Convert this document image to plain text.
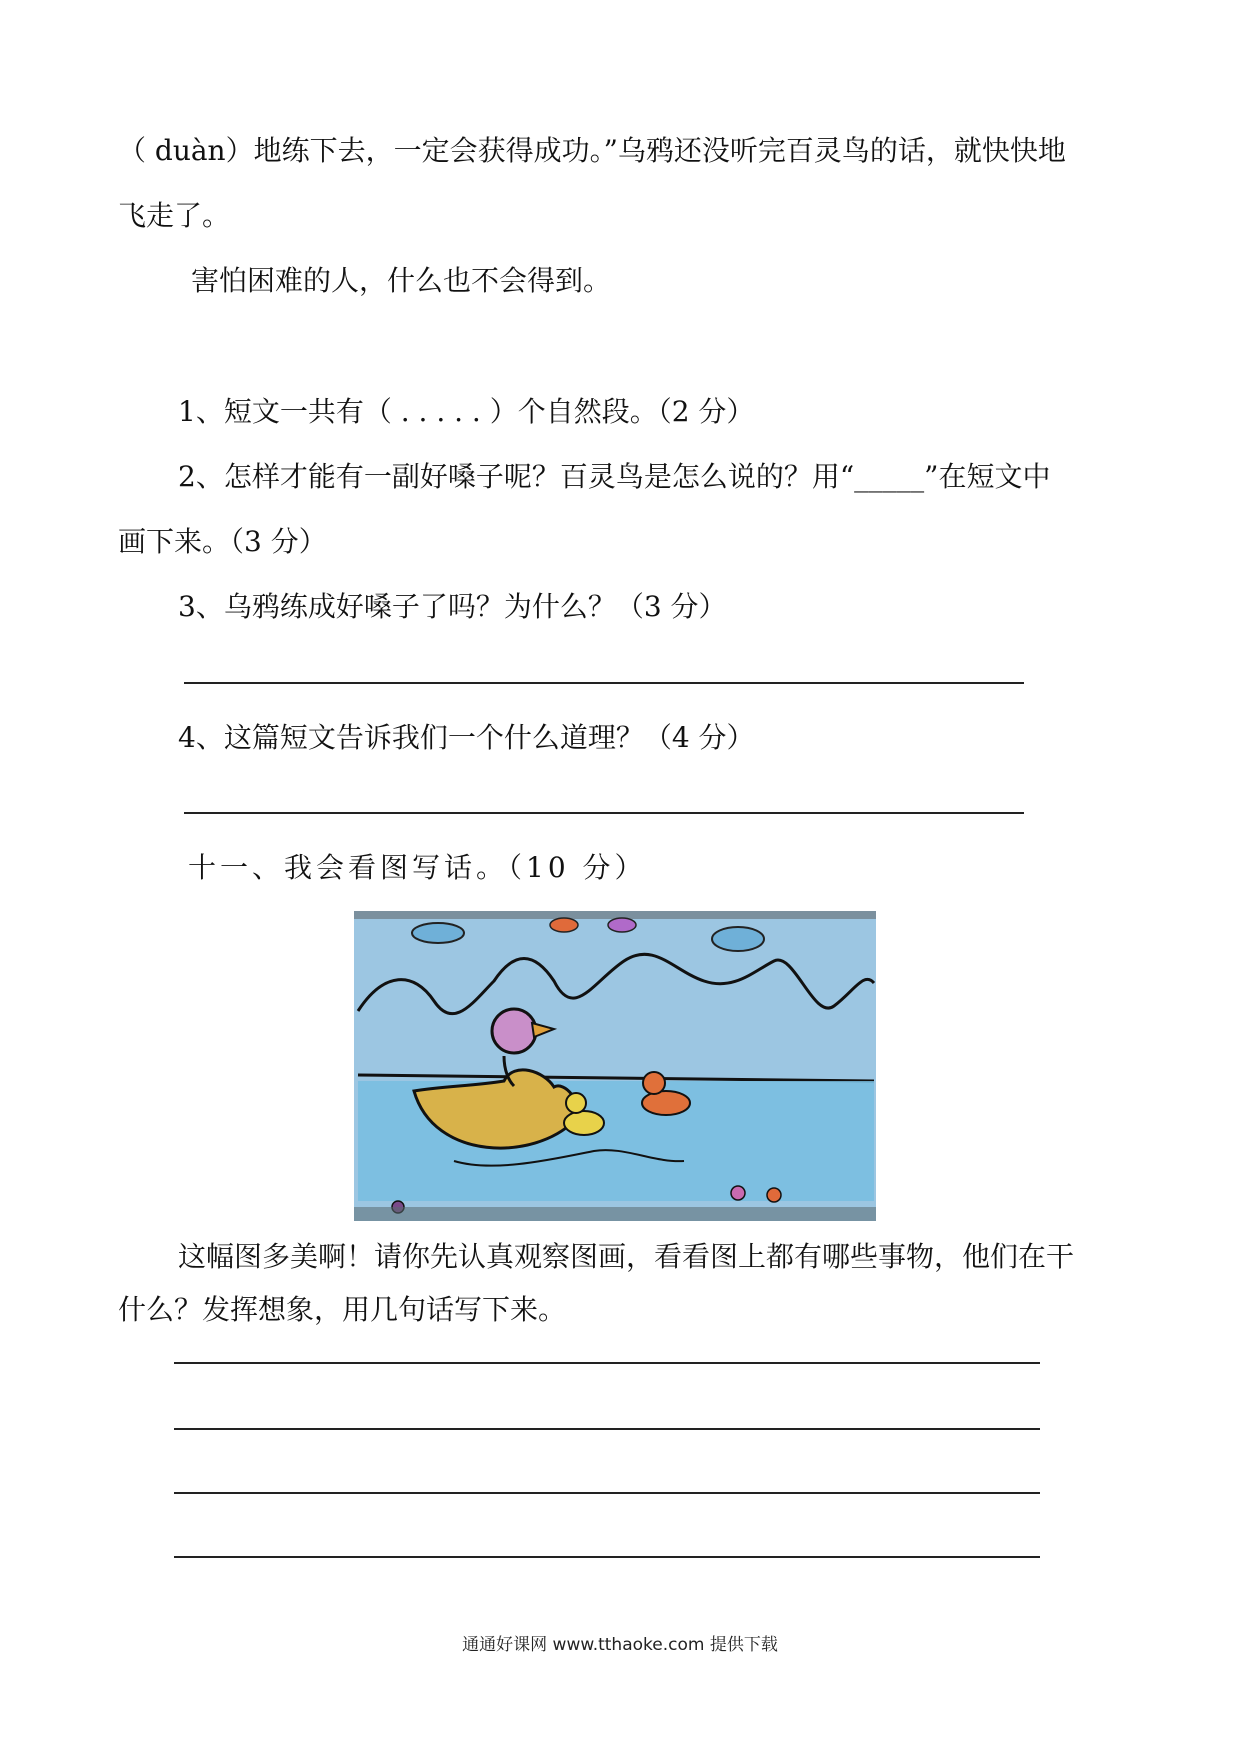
（ duàn）地练下去，一定会获得成功。”乌鸦还没听完百灵鸟的话，就快快地
飞走了。
害怕困难的人，什么也不会得到。
1、短文一共有（ . . . . . ）个自然段。（2 分）
2、怎样才能有一副好嗓子呢？百灵鸟是怎么说的？用“_____”在短文中
画下来。（3 分）
3、乌鸦练成好嗓子了吗？为什么？（3 分）
4、这篇短文告诉我们一个什么道理？（4 分）
十一、我会看图写话。（10 分）
这幅图多美啊！请你先认真观察图画，看看图上都有哪些事物，他们在干
什么？发挥想象，用几句话写下来。
通通好课网 www.tthaoke.com 提供下载
